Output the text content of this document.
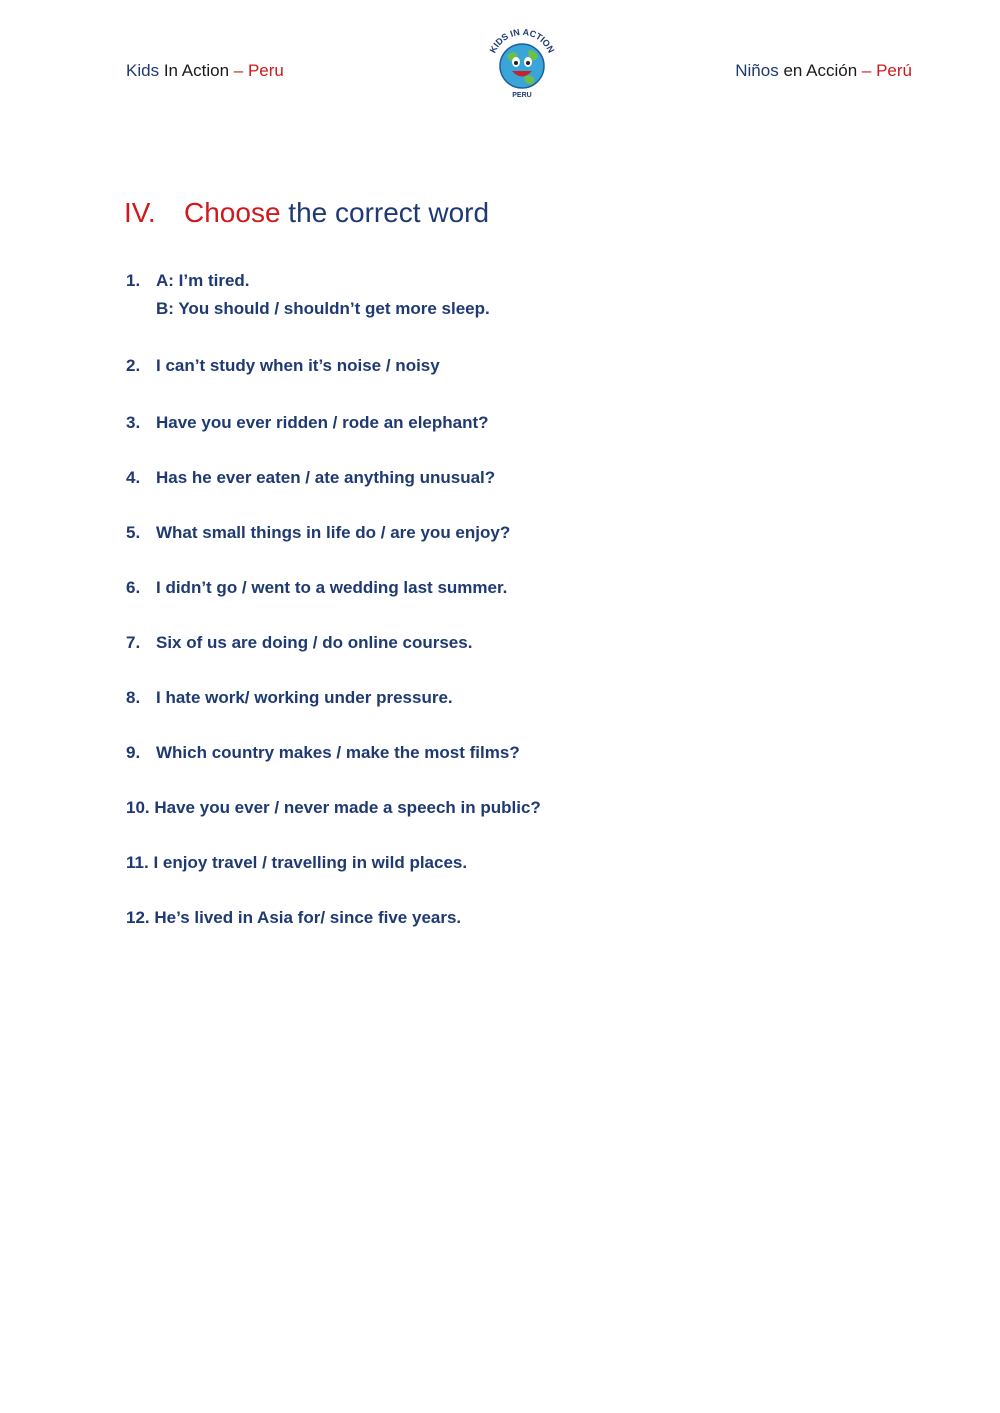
Kids In Action – Peru
KIDS IN ACTION
PERU
Niños en Acción – Perú
IV. Choose the correct word
1. A: I’m tired.
B: You should / shouldn’t get more sleep.
2. I can’t study when it’s noise / noisy
3. Have you ever ridden / rode an elephant?
4. Has he ever eaten / ate anything unusual?
5. What small things in life do / are you enjoy?
6. I didn’t go / went to a wedding last summer.
7. Six of us are doing / do online courses.
8. I hate work/ working under pressure.
9. Which country makes / make the most films?
10. Have you ever / never made a speech in public?
11. I enjoy travel / travelling in wild places.
12. He’s lived in Asia for/ since five years.
